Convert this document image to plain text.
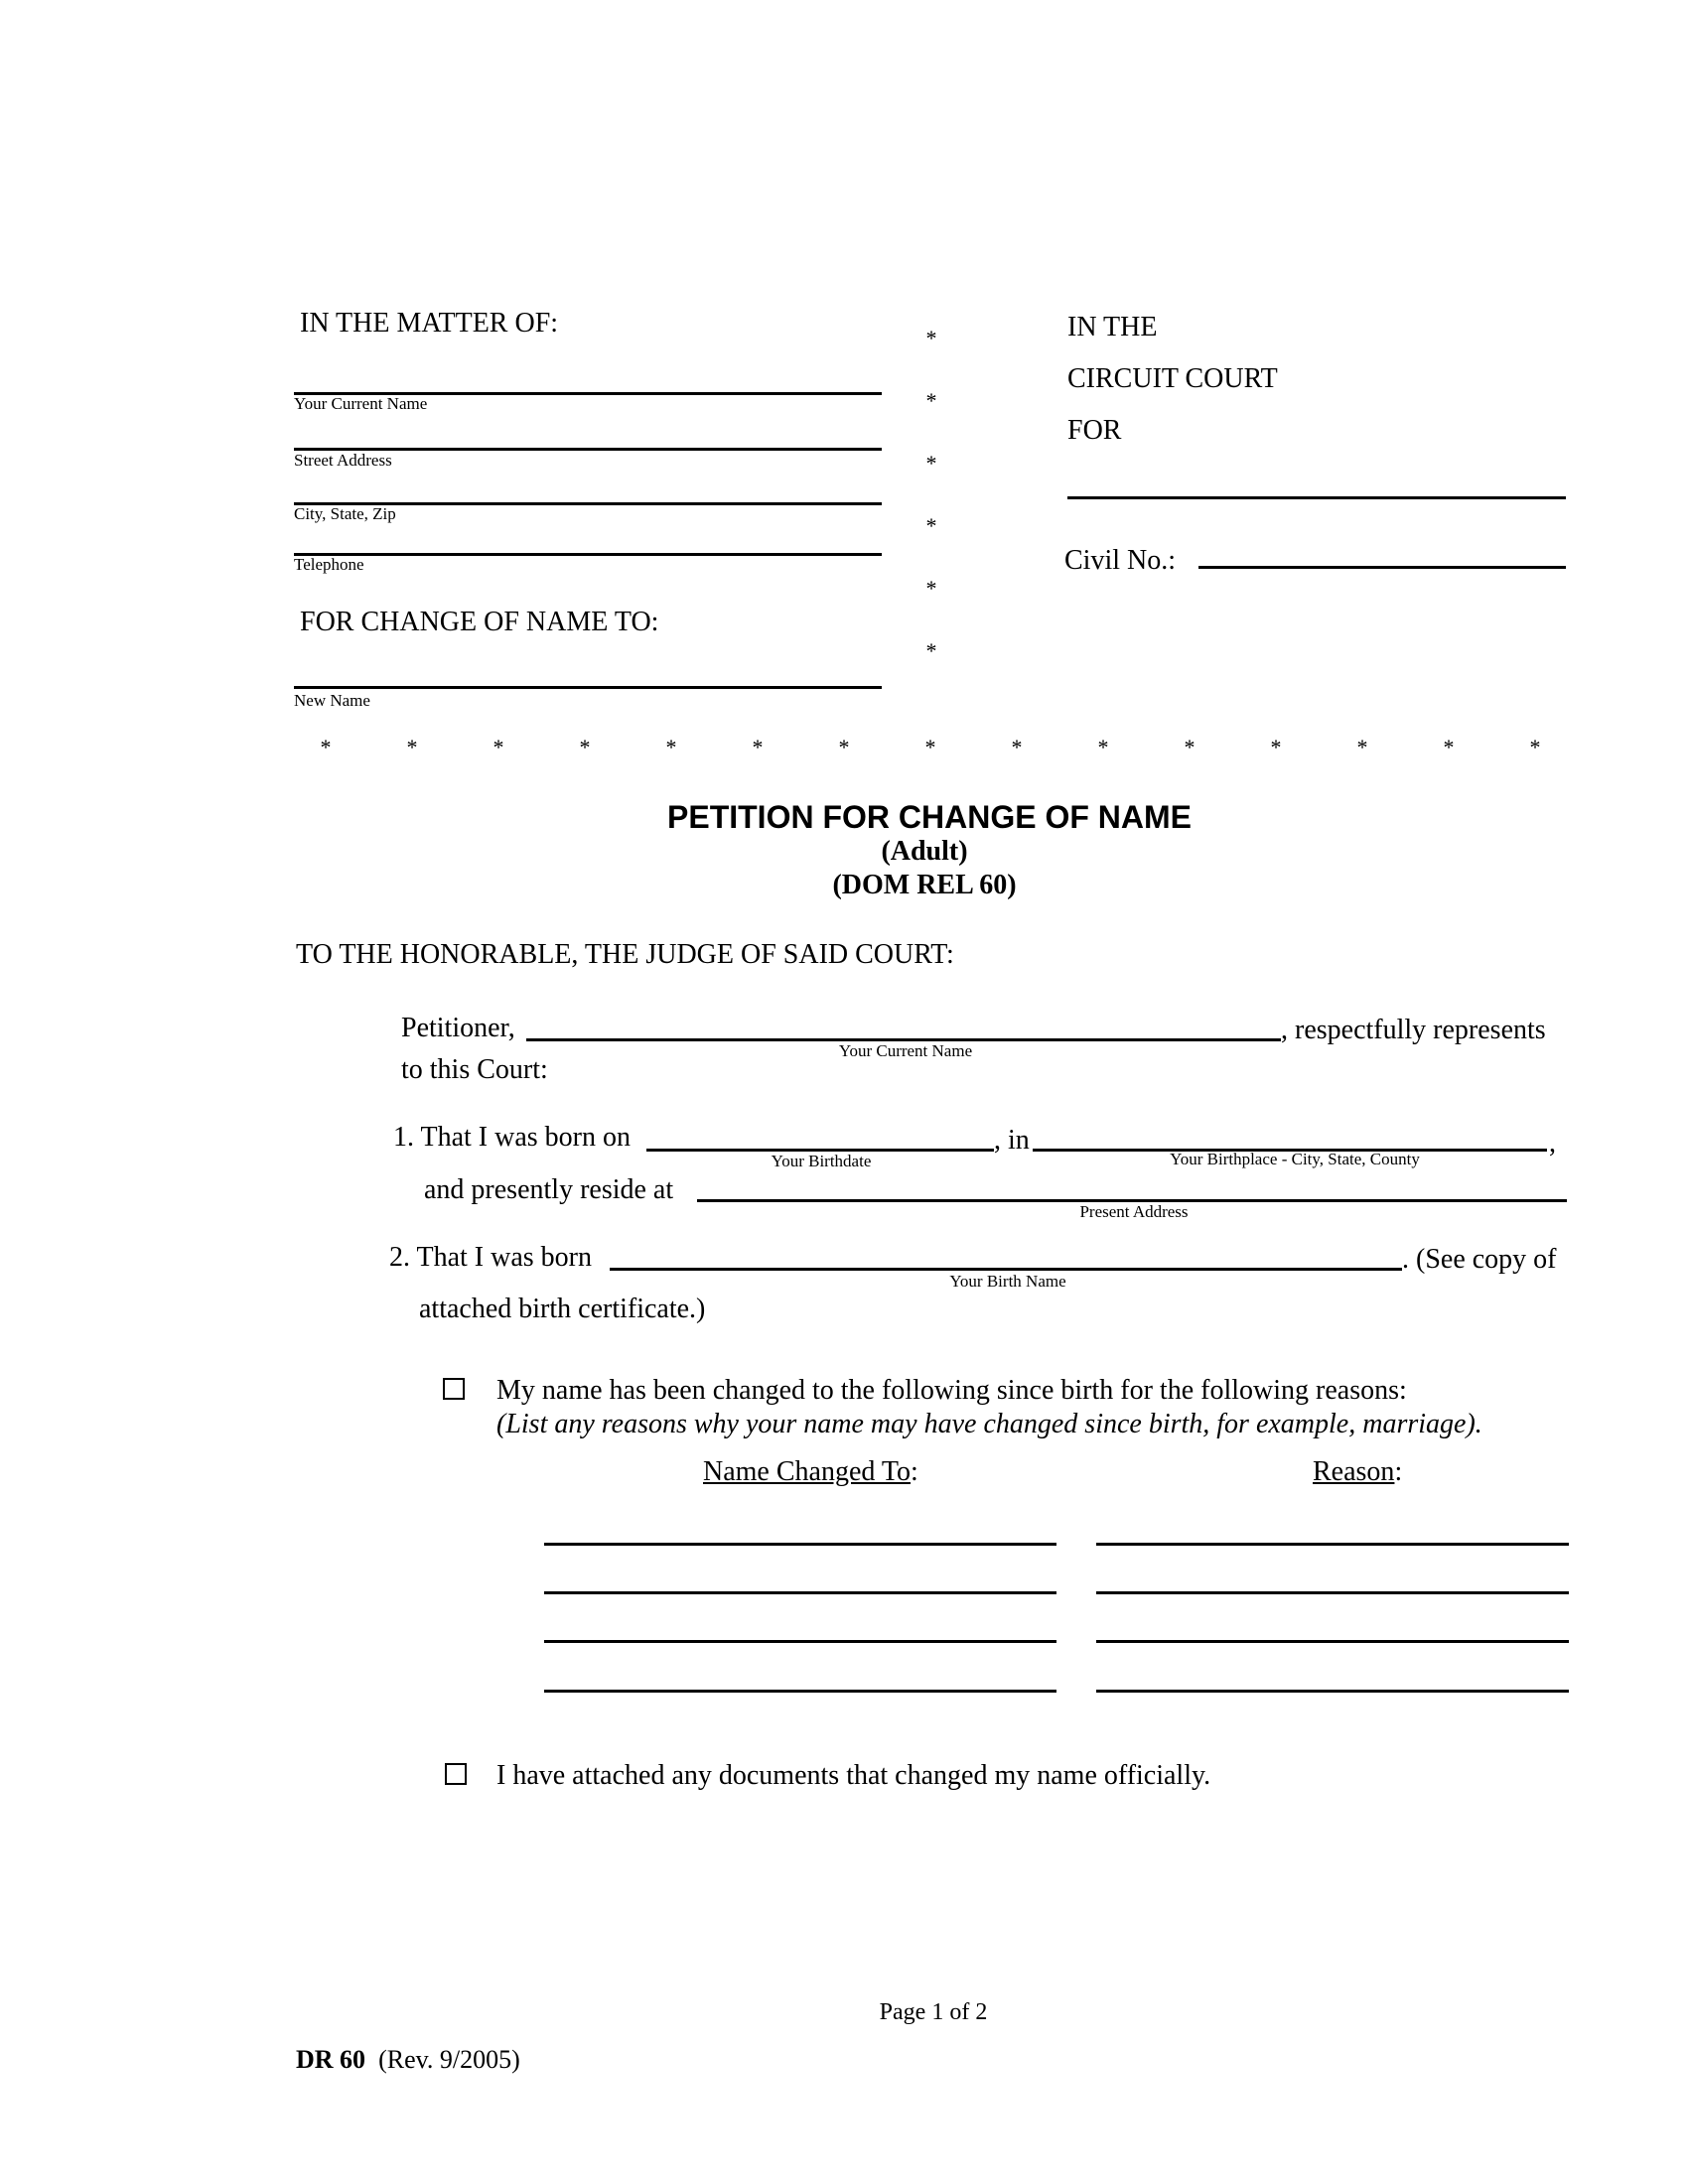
IN THE MATTER OF:
Your Current Name
Street Address
City, State, Zip
Telephone
FOR CHANGE OF NAME TO:
New Name
*
*
*
*
*
*
IN THE
CIRCUIT COURT
FOR
Civil No.:
*	*	*	*	*	*	*	*	*	*	*	*	*	*	*
PETITION FOR CHANGE OF NAME
(Adult)
(DOM REL 60)
TO THE HONORABLE, THE JUDGE OF SAID COURT:
Petitioner,	, respectfully represents
Your Current Name
to this Court:
1. That I was born on	, in	,
Your Birthdate	Your Birthplace - City, State, County
and presently reside at
Present Address
2. That I was born	. (See copy of
Your Birth Name
attached birth certificate.)
My name has been changed to the following since birth for the following reasons:
(List any reasons why your name may have changed since birth, for example, marriage).
Name Changed To:	Reason:
I have attached any documents that changed my name officially.
Page 1 of 2
DR 60 (Rev. 9/2005)
